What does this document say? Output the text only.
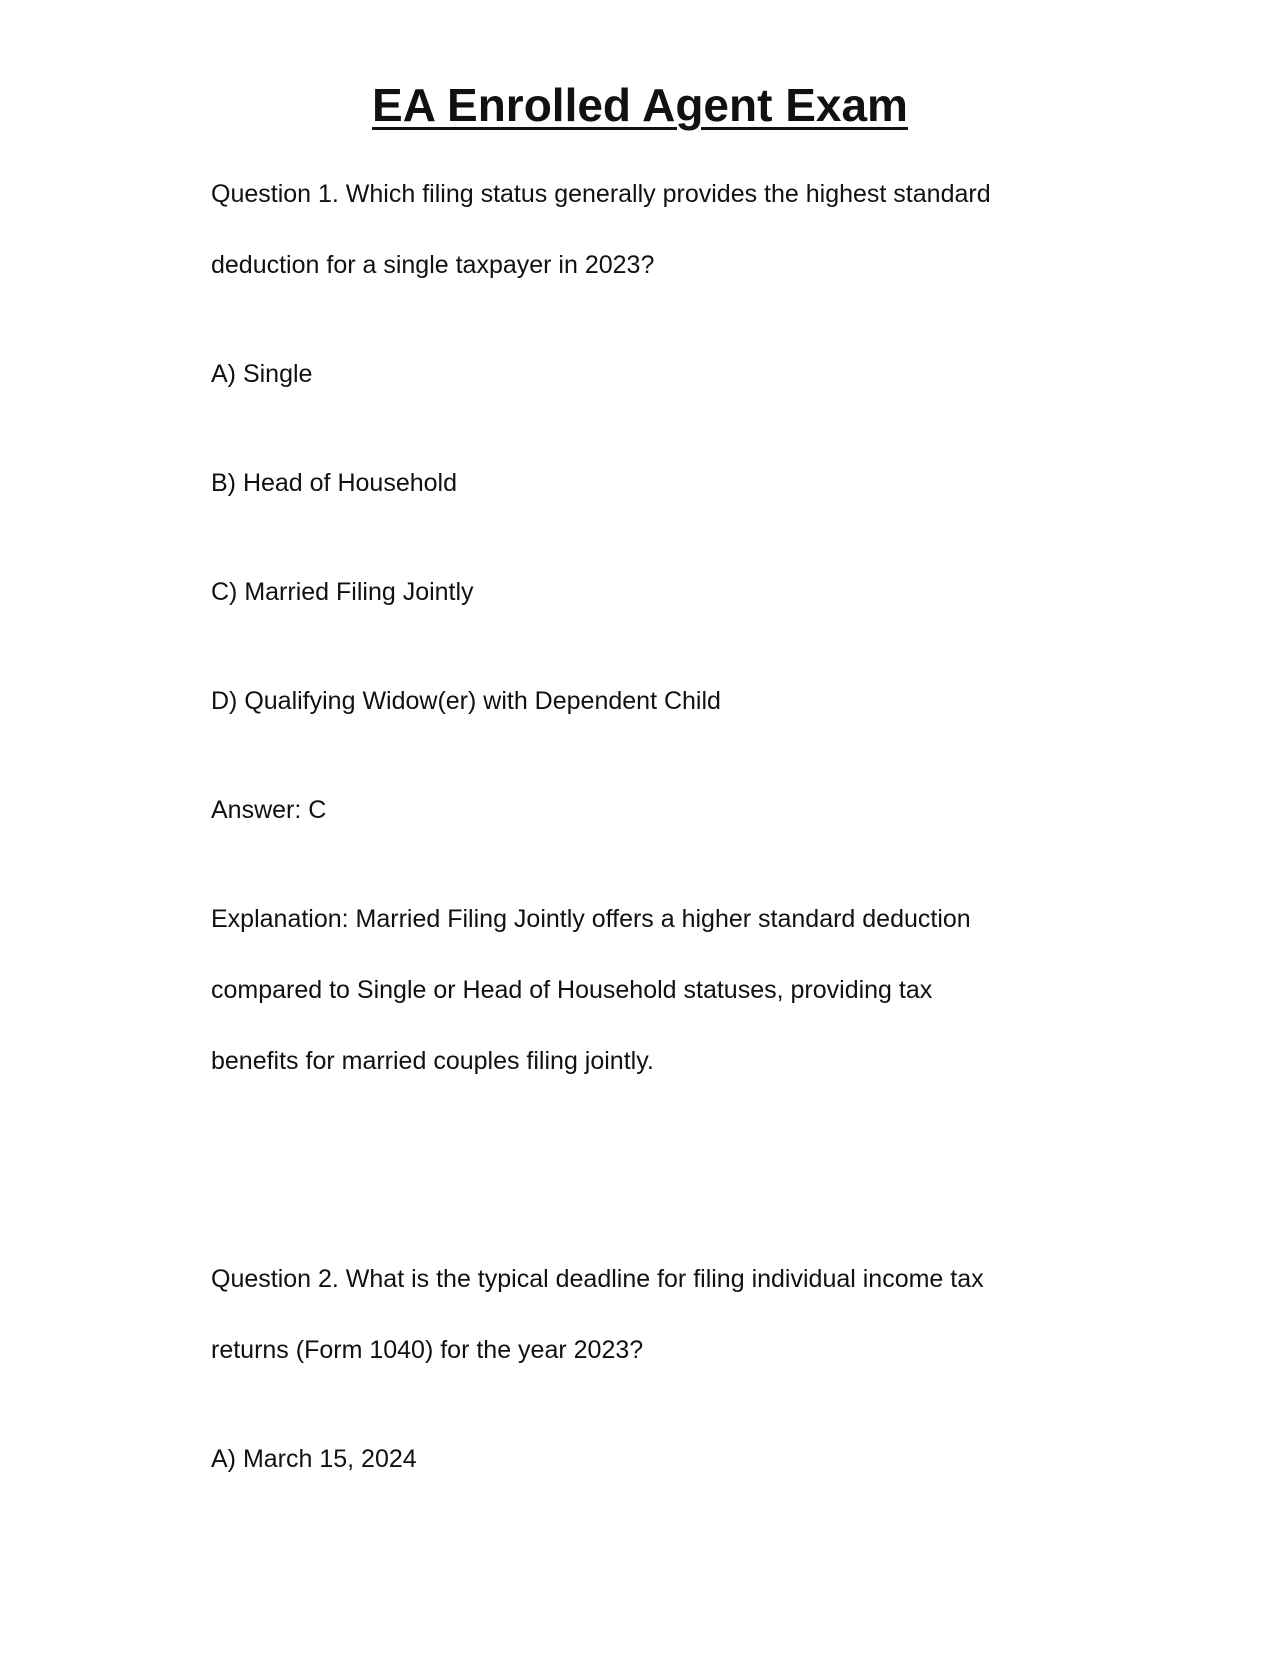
EA Enrolled Agent Exam

Question 1. Which filing status generally provides the highest standard

deduction for a single taxpayer in 2023?

A) Single

B) Head of Household

C) Married Filing Jointly

D) Qualifying Widow(er) with Dependent Child

Answer: C

Explanation: Married Filing Jointly offers a higher standard deduction

compared to Single or Head of Household statuses, providing tax

benefits for married couples filing jointly.

Question 2. What is the typical deadline for filing individual income tax

returns (Form 1040) for the year 2023?

A) March 15, 2024
